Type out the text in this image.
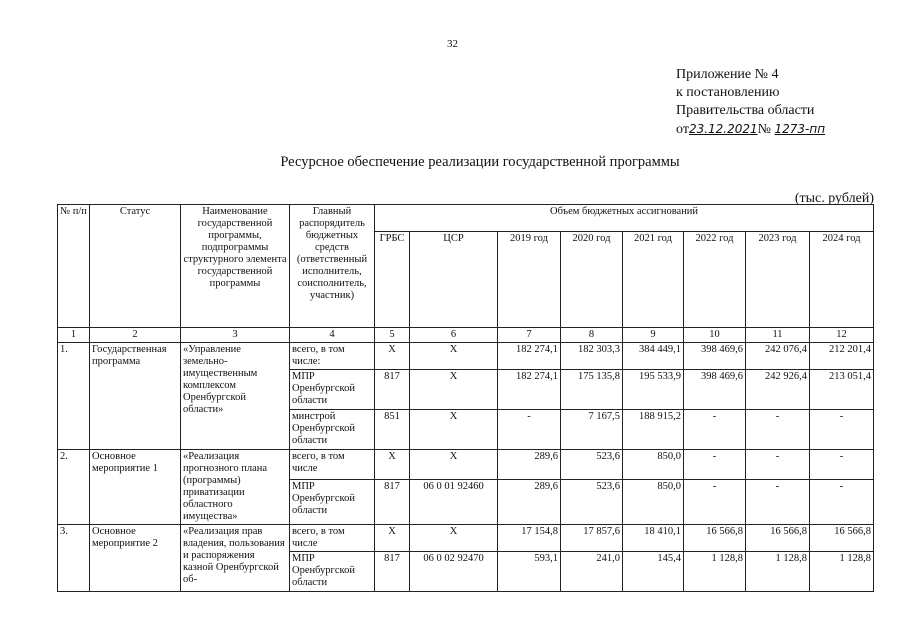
32
Приложение № 4
к постановлению
Правительства области
от23.12.2021№ 1273-пп
Ресурсное обеспечение реализации государственной программы
(тыс. рублей)
№ п/п	Статус	Наименование государственной программы, подпрограммы структурного элемента государственной программы	Главный распорядитель бюджетных средств (ответственный исполнитель, соисполнитель, участник)	Объем бюджетных ассигнований							
				ГРБС	ЦСР	2019 год	2020 год	2021 год	2022 год	2023 год	2024 год
1	2	3	4	5	6	7	8	9	10	11	12
1.	Государственная программа	«Управление земельно-имущественным комплексом Оренбургской области»	всего, в том числе:	X	X	182 274,1	182 303,3	384 449,1	398 469,6	242 076,4	212 201,4
			МПР Оренбургской области	817	X	182 274,1	175 135,8	195 533,9	398 469,6	242 926,4	213 051,4
			минстрой Оренбургской области	851	X	-	7 167,5	188 915,2	-	-	-
2.	Основное мероприятие 1	«Реализация прогнозного плана (программы) приватизации областного имущества»	всего, в том числе	X	X	289,6	523,6	850,0	-	-	-
			МПР Оренбургской области	817	06 0 01 92460	289,6	523,6	850,0	-	-	-
3.	Основное мероприятие 2	«Реализация прав владения, пользования и распоряжения казной Оренбургской об-	всего, в том числе	X	X	17 154,8	17 857,6	18 410,1	16 566,8	16 566,8	16 566,8
			МПР Оренбургской области	817	06 0 02 92470	593,1	241,0	145,4	1 128,8	1 128,8	1 128,8
